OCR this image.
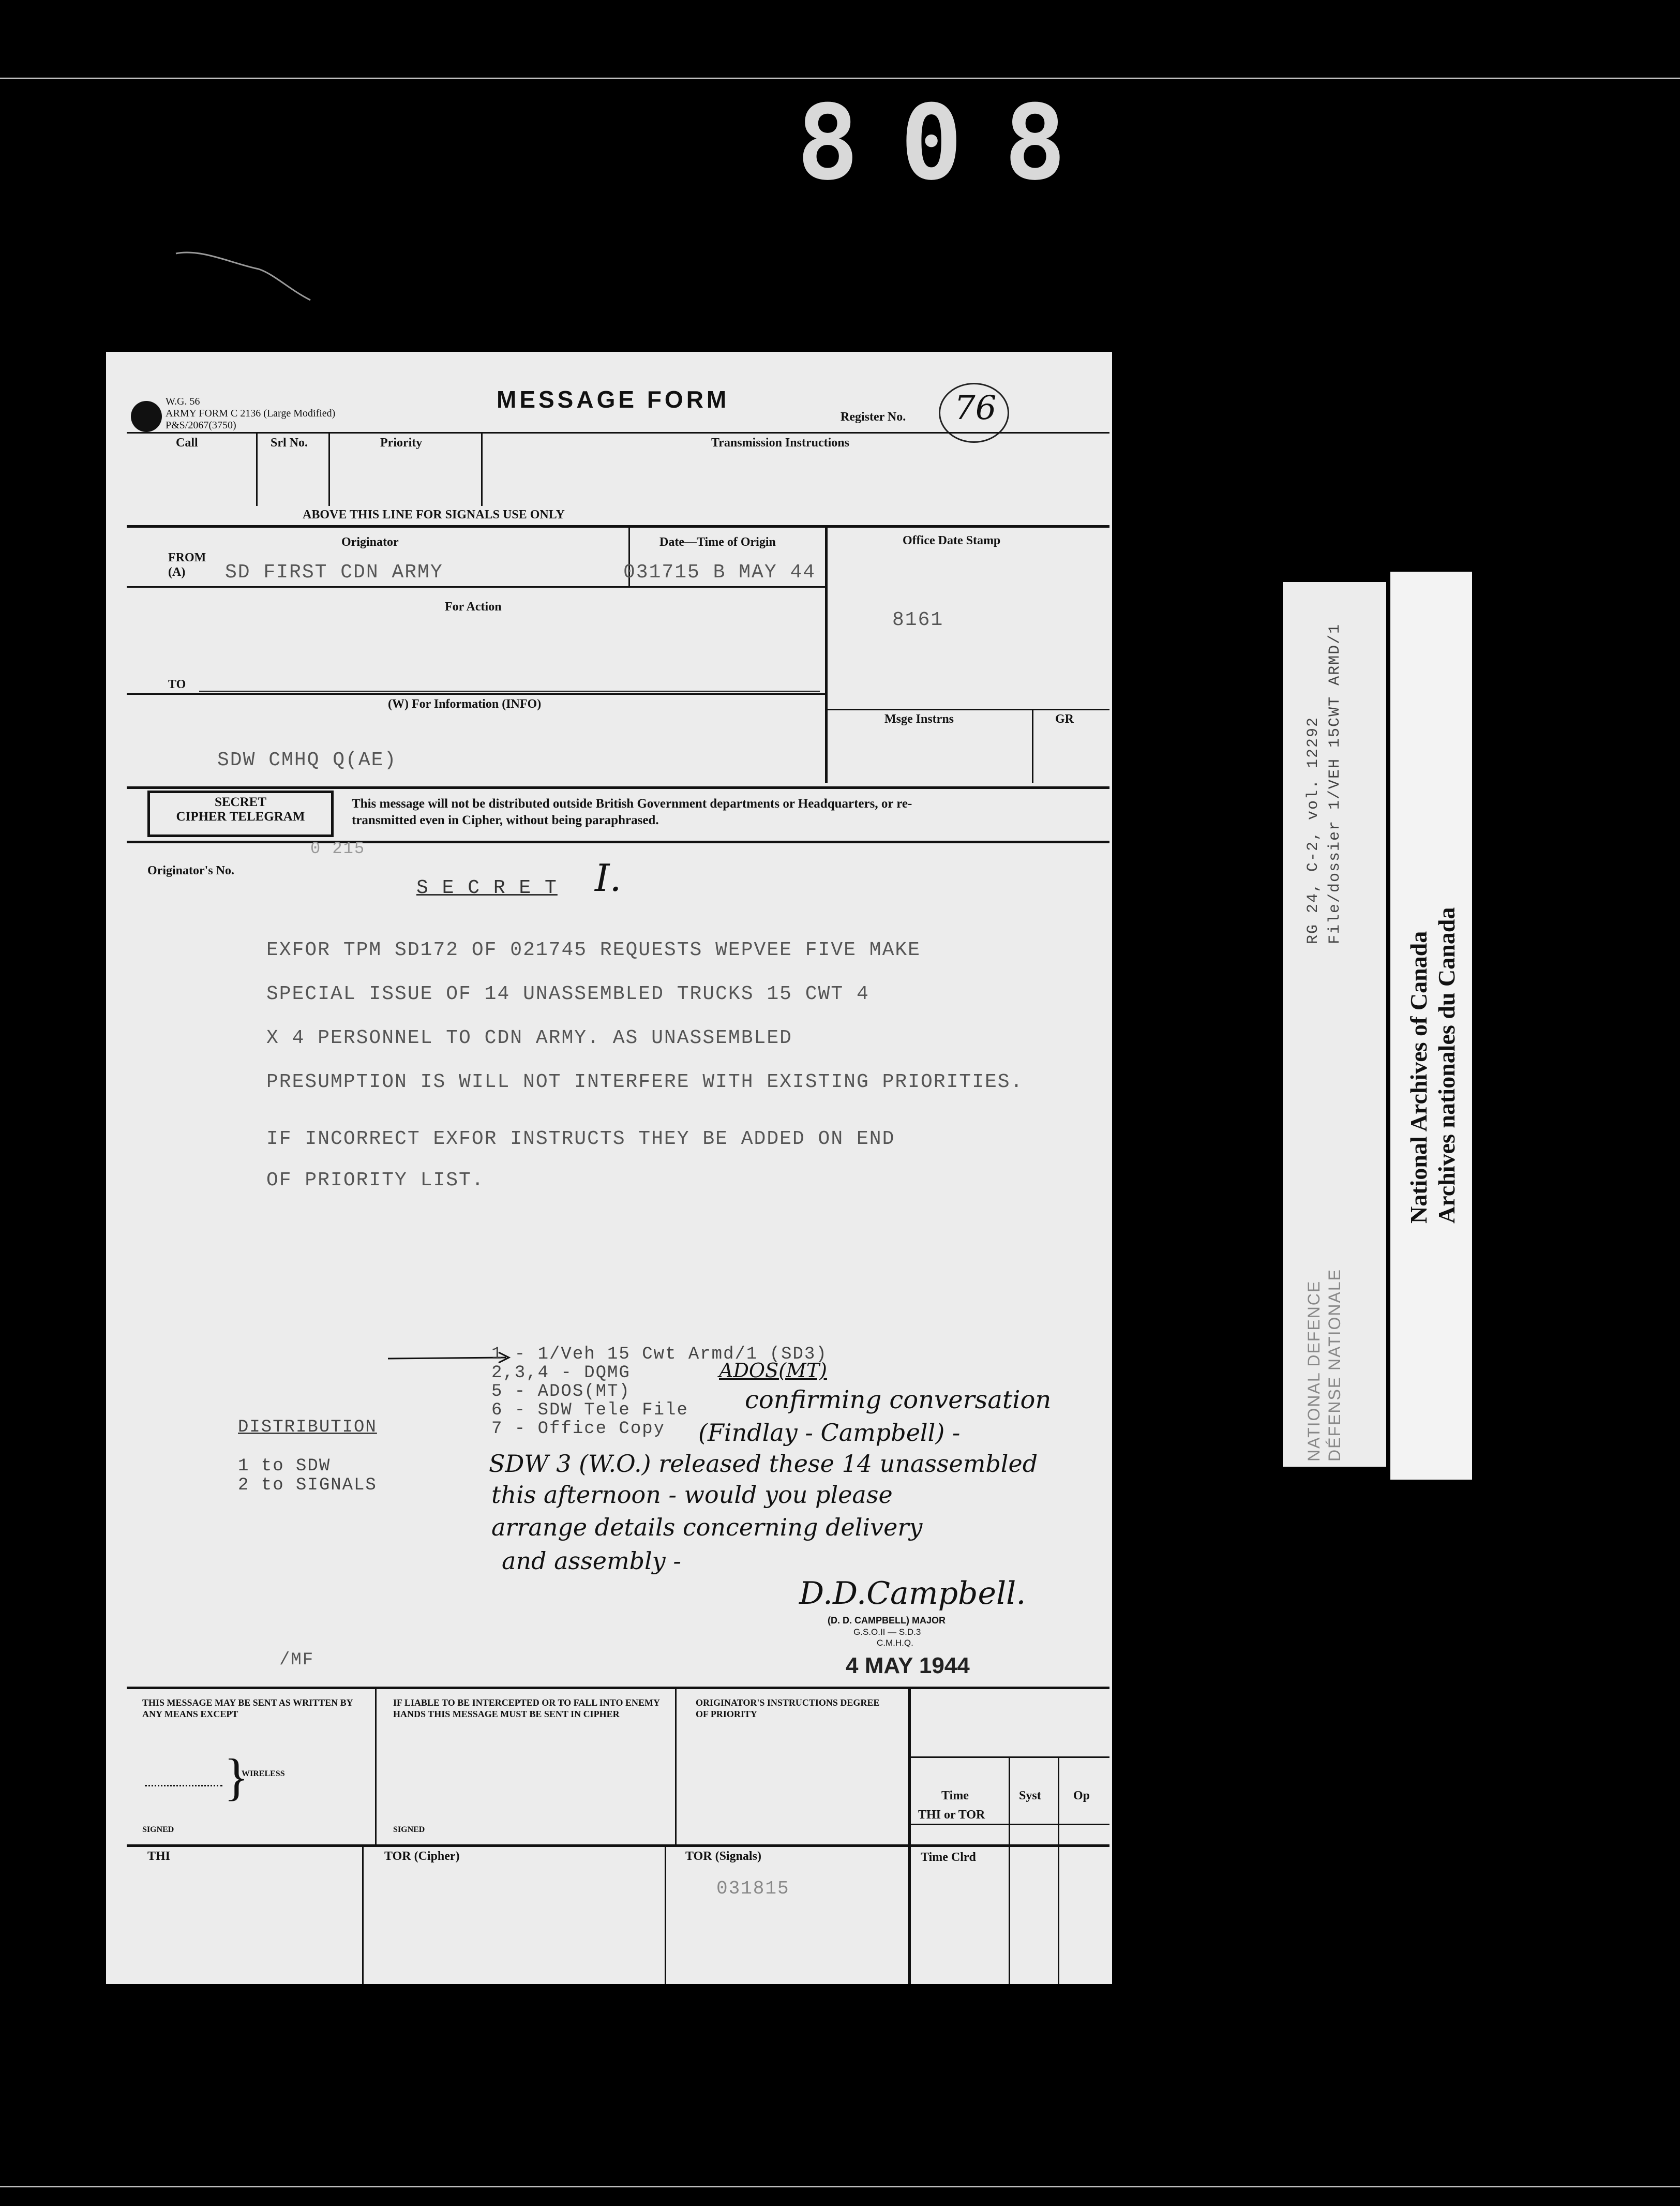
808
W.G. 56
ARMY FORM C 2136 (Large Modified)
P&S/2067(3750)
MESSAGE FORM
Register No. 76
Call	Srl No.	Priority	Transmission Instructions
ABOVE THIS LINE FOR SIGNALS USE ONLY
Originator	Date—Time of Origin	Office Date Stamp
FROM
(A) SD FIRST CDN ARMY	031715 B MAY 44
8161
For Action
TO
(W) For Information (INFO)
SDW CMHQ Q(AE)
Msge Instrns	GR
SECRET
CIPHER TELEGRAM
This message will not be distributed outside British Government departments or Headquarters, or re-transmitted even in Cipher, without being paraphrased.
Originator's No.
0 215
S E C R E T I.
EXFOR TPM SD172 OF 021745 REQUESTS WEPVEE FIVE MAKE
SPECIAL ISSUE OF 14 UNASSEMBLED TRUCKS 15 CWT 4
X 4 PERSONNEL TO CDN ARMY. AS UNASSEMBLED
PRESUMPTION IS WILL NOT INTERFERE WITH EXISTING PRIORITIES.
IF INCORRECT EXFOR INSTRUCTS THEY BE ADDED ON END
OF PRIORITY LIST.
1 - 1/Veh 15 Cwt Armd/1 (SD3)
2,3,4 - DQMG
5 - ADOS(MT)
6 - SDW Tele File
7 - Office Copy
DISTRIBUTION
1 to SDW
2 to SIGNALS
ADOS(MT)
confirming conversation
(Findlay - Campbell) -
SDW 3 (W.O.) released these 14 unassembled
this afternoon - would you please
arrange details concerning delivery
and assembly -
D.D.Campbell.
(D. D. CAMPBELL) MAJOR
G.S.O.II — S.D.3
C.M.H.Q.
/MF	4 MAY 1944
THIS MESSAGE MAY BE SENT AS WRITTEN BY ANY MEANS EXCEPT
}
WIRELESS
SIGNED
IF LIABLE TO BE INTERCEPTED OR TO FALL INTO ENEMY HANDS THIS MESSAGE MUST BE SENT IN CIPHER
SIGNED
ORIGINATOR'S INSTRUCTIONS DEGREE OF PRIORITY
Time	Syst	Op
THI or TOR
Time Clrd
THI	TOR (Cipher)	TOR (Signals)
031815
RG 24, C-2, vol. 12292 File/dossier 1/VEH 15CWT ARMD/1
NATIONAL DEFENCE DÉFENSE NATIONALE
National Archives of Canada Archives nationales du Canada
